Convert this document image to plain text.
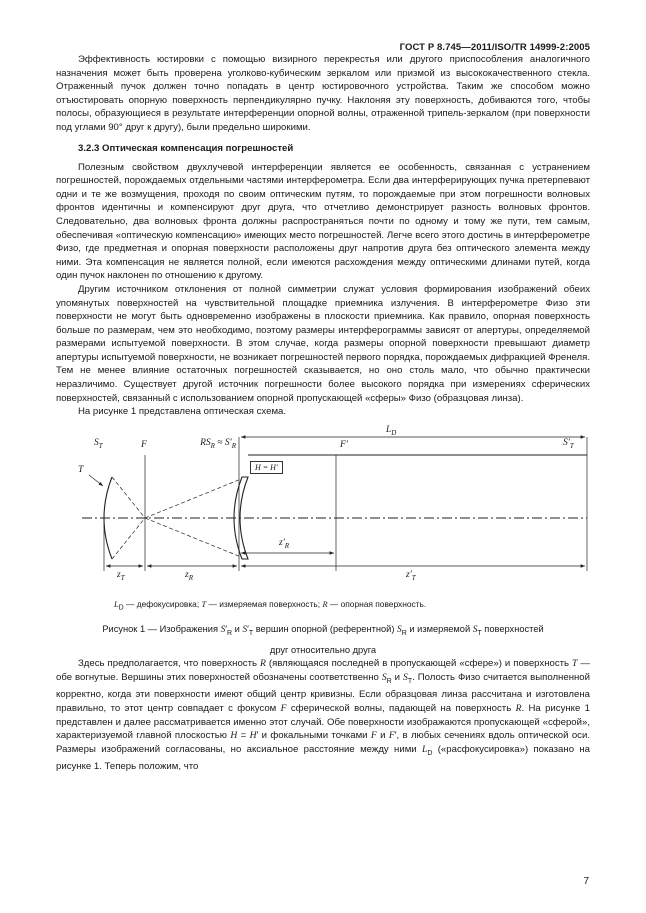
ГОСТ Р 8.745—2011/ISO/TR 14999-2:2005

Эффективность юстировки с помощью визирного перекрестья или другого приспособления аналогичного назначения может быть проверена уголково-кубическим зеркалом или призмой из высококачественного стекла. Отраженный пучок должен точно попадать в центр юстировочного устройства. Таким же способом можно отъюстировать опорную поверхность перпендикулярно пучку. Наклоняя эту поверхность, добиваются того, чтобы полосы, образующиеся в результате интерференции опорной волны, отраженной трипель-зеркалом (при поверхности под углами 90° друг к другу), были предельно широкими.

3.2.3 Оптическая компенсация погрешностей

Полезным свойством двухлучевой интерференции является ее особенность, связанная с устранением погрешностей, порождаемых отдельными частями интерферометра. Если два интерферирующих пучка претерпевают одни и те же возмущения, проходя по своим оптическим путям, то порождаемые при этом погрешности волновых фронтов идентичны и компенсируют друг друга, что отчетливо демонстрирует разность волновых фронтов. Следовательно, два волновых фронта должны распространяться почти по одному и тому же пути, тем самым, обеспечивая «оптическую компенсацию» имеющих место погрешностей. Легче всего этого достичь в интерферометре Физо, где предметная и опорная поверхности расположены друг напротив друга без оптического элемента между ними. Эта компенсация не является полной, если имеются расхождения между оптическими длинами путей, когда один пучок наклонен по отношению к другому.

Другим источником отклонения от полной симметрии служат условия формирования изображений обеих упомянутых поверхностей на чувствительной площадке приемника излучения. В интерферометре Физо эти поверхности не могут быть одновременно изображены в плоскости приемника. Как правило, опорная поверхность больше по размерам, чем это необходимо, поэтому размеры интерферограммы зависят от апертуры, определяемой размерами испытуемой поверхности. В этом случае, когда размеры опорной поверхности превышают диаметр апертуры испытуемой поверхности, не возникает погрешностей первого порядка, порождаемых дифракцией Френеля. Тем не менее влияние остаточных погрешностей сказывается, но оно столь мало, что обычно практически неразличимо. Существует другой источник погрешности более высокого порядка при измерениях сферических поверхностей, связанный с использованием опорной пропускающей «сферы» Физо (образцовая линза).

На рисунке 1 представлена оптическая схема.

$S_T$	F
T
$RS_R \approx S'_R$
H = H′
F′
$L_D$
$S'_T$
$z_T$	$z_R$
$z'_R$
$z'_T$
$L_D$ — дефокусировка; T — измеряемая поверхность; R — опорная поверхность.
Рисунок 1 — Изображения $S'_R$ и $S'_T$ вершин опорной (референтной) $S_R$ и измеряемой $S_T$ поверхностей
друг относительно друга

Здесь предполагается, что поверхность R (являющаяся последней в пропускающей «сфере») и поверхность T — обе вогнутые. Вершины этих поверхностей обозначены соответственно $S_R$ и $S_T$. Полость Физо считается выполненной корректно, когда эти поверхности имеют общий центр кривизны. Если образцовая линза рассчитана и изготовлена правильно, то этот центр совпадает с фокусом F сферической волны, падающей на поверхность R. На рисунке 1 представлен и далее рассматривается именно этот случай. Обе поверхности изображаются пропускающей «сферой», характеризуемой главной плоскостью H = H′ и фокальными точками F и F′, в любых сечениях вдоль оптической оси. Размеры изображений согласованы, но аксиальное расстояние между ними $L_D$ («расфокусировка») показано на рисунке 1. Теперь положим, что

7
